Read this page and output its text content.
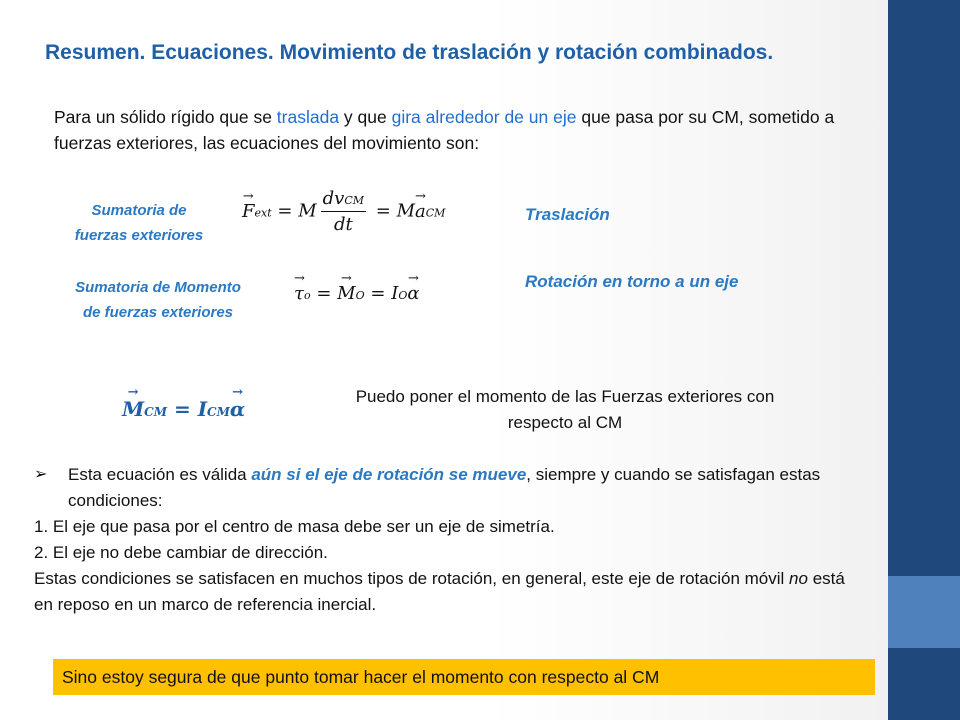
Resumen. Ecuaciones. Movimiento de traslación y rotación combinados.
Para un sólido rígido que se traslada y que gira alrededor de un eje que pasa por su CM, sometido a fuerzas exteriores, las ecuaciones del movimiento son:
Sumatoria de fuerzas exteriores
Sumatoria de Momento de fuerzas exteriores
→ Fext = M $\frac{\text{dvCM}}{dt} = M\to$ aCM
→ τo = → MO = IO→ α
Traslación
Rotación en torno a un eje
→ MCM = ICM→ α
Puedo poner el momento de las Fuerzas exteriores con respecto al CM

➢ Esta ecuación es válida aún si el eje de rotación se mueve, siempre y cuando se satisfagan estas condiciones:

1. El eje que pasa por el centro de masa debe ser un eje de simetría.

2. El eje no debe cambiar de dirección.

Estas condiciones se satisfacen en muchos tipos de rotación, en general, este eje de rotación móvil no está en reposo en un marco de referencia inercial.

Sino estoy segura de que punto tomar hacer el momento con respecto al CM
